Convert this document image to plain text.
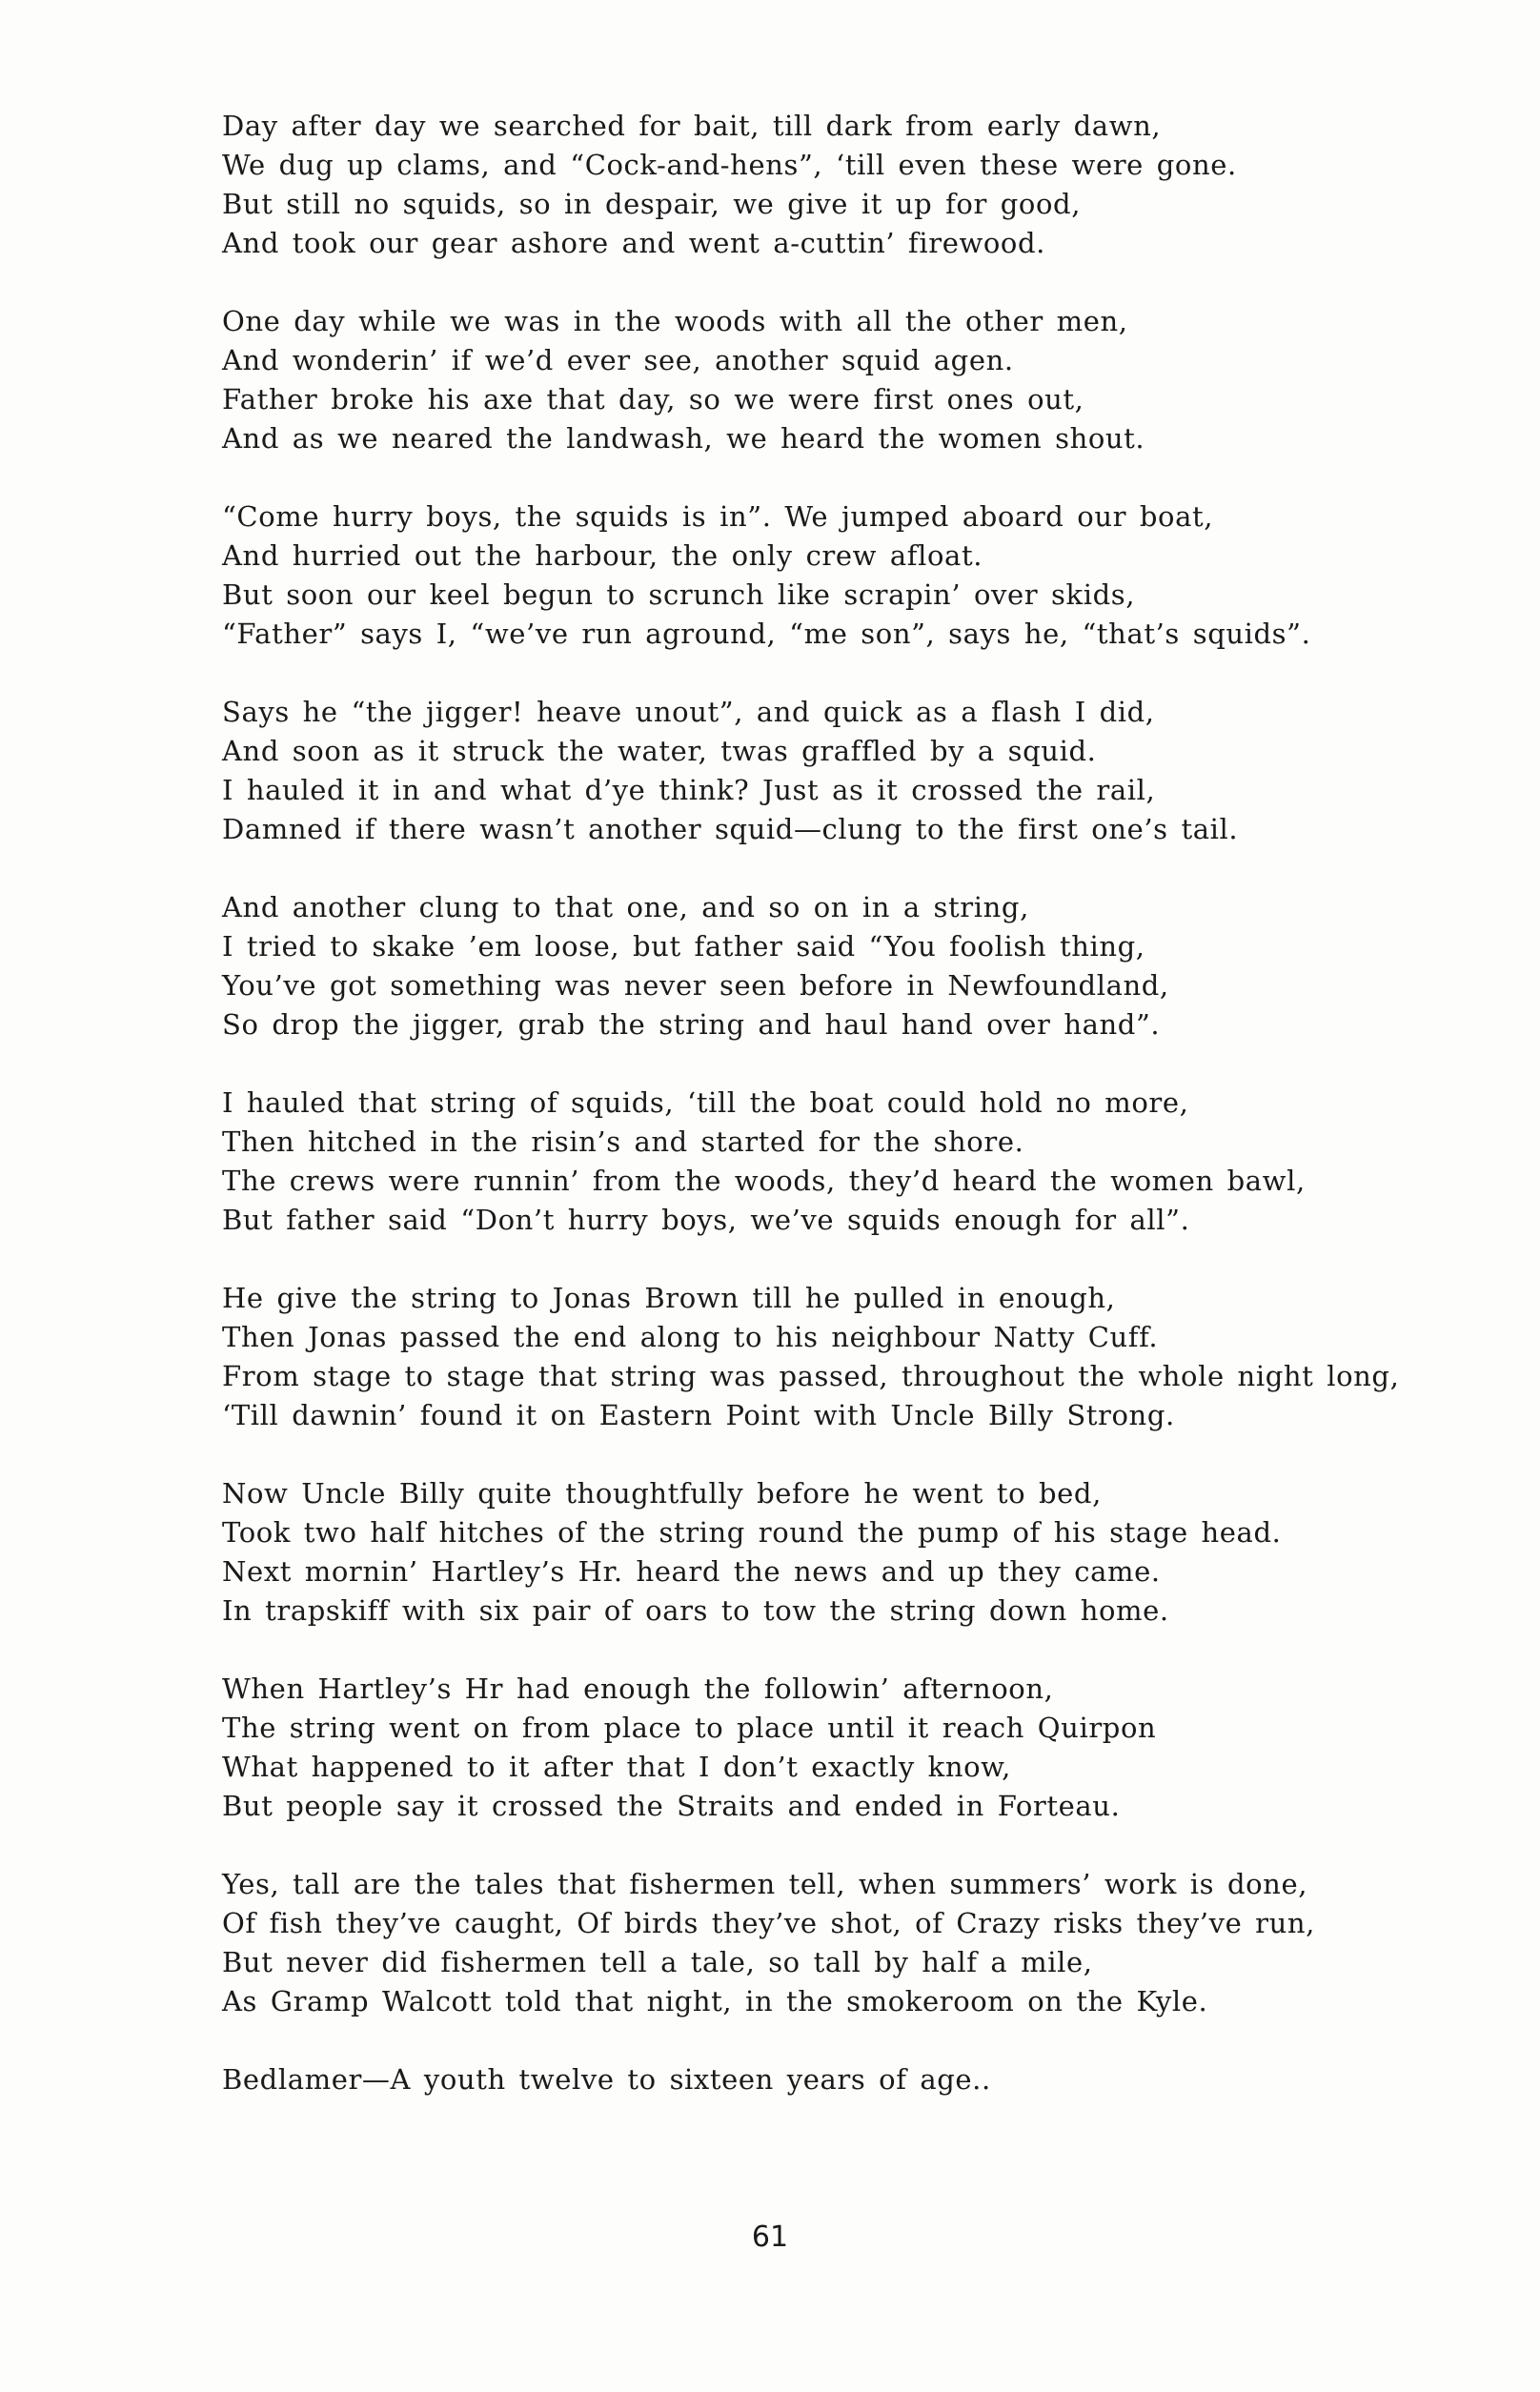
Day after day we searched for bait, till dark from early dawn,
We dug up clams, and “Cock-and-hens”, ‘till even these were gone.
But still no squids, so in despair, we give it up for good,
And took our gear ashore and went a-cuttin’ firewood.
One day while we was in the woods with all the other men,
And wonderin’ if we’d ever see, another squid agen.
Father broke his axe that day, so we were first ones out,
And as we neared the landwash, we heard the women shout.
“Come hurry boys, the squids is in”. We jumped aboard our boat,
And hurried out the harbour, the only crew afloat.
But soon our keel begun to scrunch like scrapin’ over skids,
“Father” says I, “we’ve run aground, “me son”, says he, “that’s squids”.
Says he “the jigger! heave unout”, and quick as a flash I did,
And soon as it struck the water, twas graffled by a squid.
I hauled it in and what d’ye think? Just as it crossed the rail,
Damned if there wasn’t another squid—clung to the first one’s tail.
And another clung to that one, and so on in a string,
I tried to skake ’em loose, but father said “You foolish thing,
You’ve got something was never seen before in Newfoundland,
So drop the jigger, grab the string and haul hand over hand”.
I hauled that string of squids, ‘till the boat could hold no more,
Then hitched in the risin’s and started for the shore.
The crews were runnin’ from the woods, they’d heard the women bawl,
But father said “Don’t hurry boys, we’ve squids enough for all”.
He give the string to Jonas Brown till he pulled in enough,
Then Jonas passed the end along to his neighbour Natty Cuff.
From stage to stage that string was passed, throughout the whole night long,
‘Till dawnin’ found it on Eastern Point with Uncle Billy Strong.
Now Uncle Billy quite thoughtfully before he went to bed,
Took two half hitches of the string round the pump of his stage head.
Next mornin’ Hartley’s Hr. heard the news and up they came.
In trapskiff with six pair of oars to tow the string down home.
When Hartley’s Hr had enough the followin’ afternoon,
The string went on from place to place until it reach Quirpon
What happened to it after that I don’t exactly know,
But people say it crossed the Straits and ended in Forteau.
Yes, tall are the tales that fishermen tell, when summers’ work is done,
Of fish they’ve caught, Of birds they’ve shot, of Crazy risks they’ve run,
But never did fishermen tell a tale, so tall by half a mile,
As Gramp Walcott told that night, in the smokeroom on the Kyle.
Bedlamer—A youth twelve to sixteen years of age..
61
